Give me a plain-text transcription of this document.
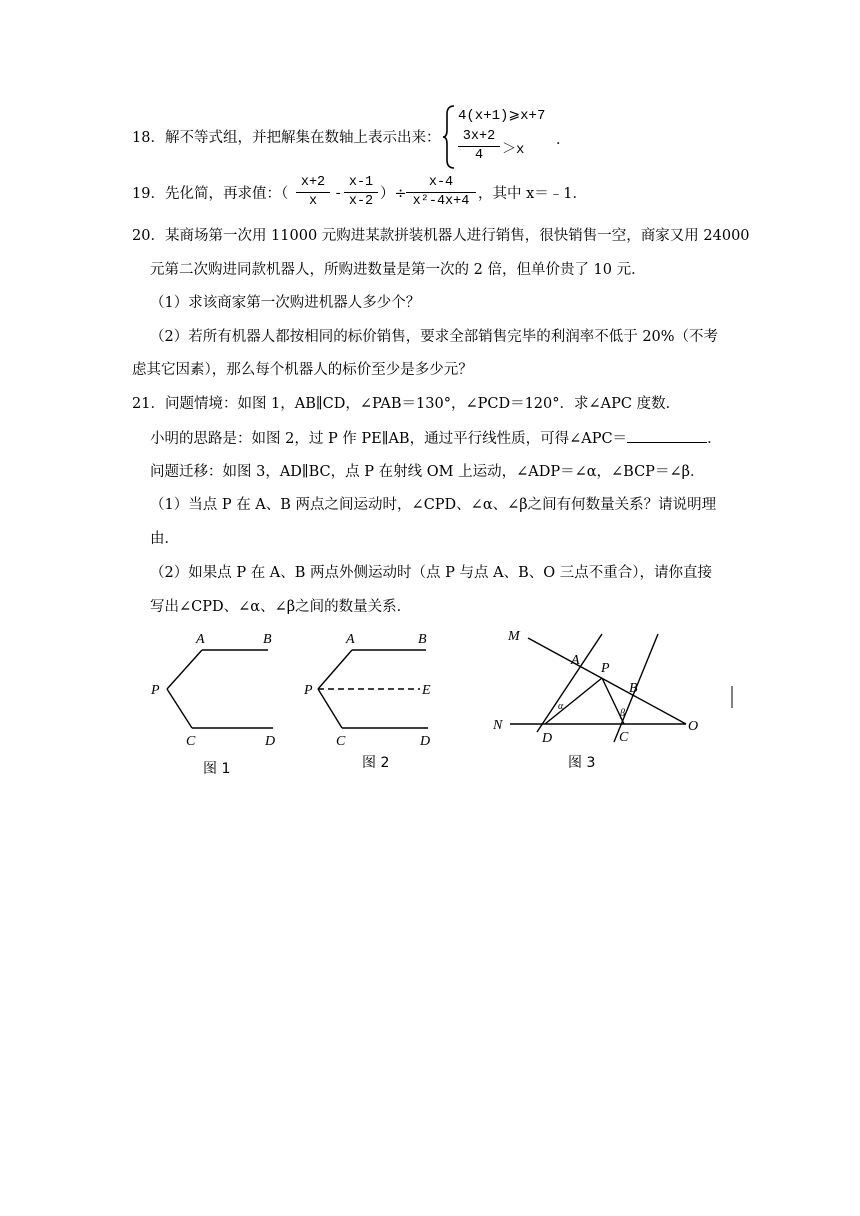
18．解不等式组，并把解集在数轴上表示出来：
4(x+1)⩾x+7
3x+2
4	＞x
．
19．先化简，再求值：（
x+2
x	-
x-1
x-2 ）÷
x-4
x²-4x+4 ，其中 x＝﹣1．
20．某商场第一次用 11000 元购进某款拼装机器人进行销售，很快销售一空，商家又用 24000
元第二次购进同款机器人，所购进数量是第一次的 2 倍，但单价贵了 10 元．
（1）求该商家第一次购进机器人多少个？
（2）若所有机器人都按相同的标价销售，要求全部销售完毕的利润率不低于 20%（不考
虑其它因素），那么每个机器人的标价至少是多少元？
21．问题情境：如图 1，AB∥CD，∠PAB＝130°，∠PCD＝120°．求∠APC 度数．
小明的思路是：如图 2，过 P 作 PE∥AB，通过平行线性质，可得∠APC＝	．
问题迁移：如图 3，AD∥BC，点 P 在射线 OM 上运动，∠ADP＝∠α，∠BCP＝∠β．
（1）当点 P 在 A、B 两点之间运动时，∠CPD、∠α、∠β之间有何数量关系？请说明理
由．
（2）如果点 P 在 A、B 两点外侧运动时（点 P 与点 A、B、O 三点不重合），请你直接
写出∠CPD、∠α、∠β之间的数量关系．
A	B
P
C	D
图 1
A	B
P	E
C	D
图 2
M
A
P
B
N
D	C
O
α
β
图 3
